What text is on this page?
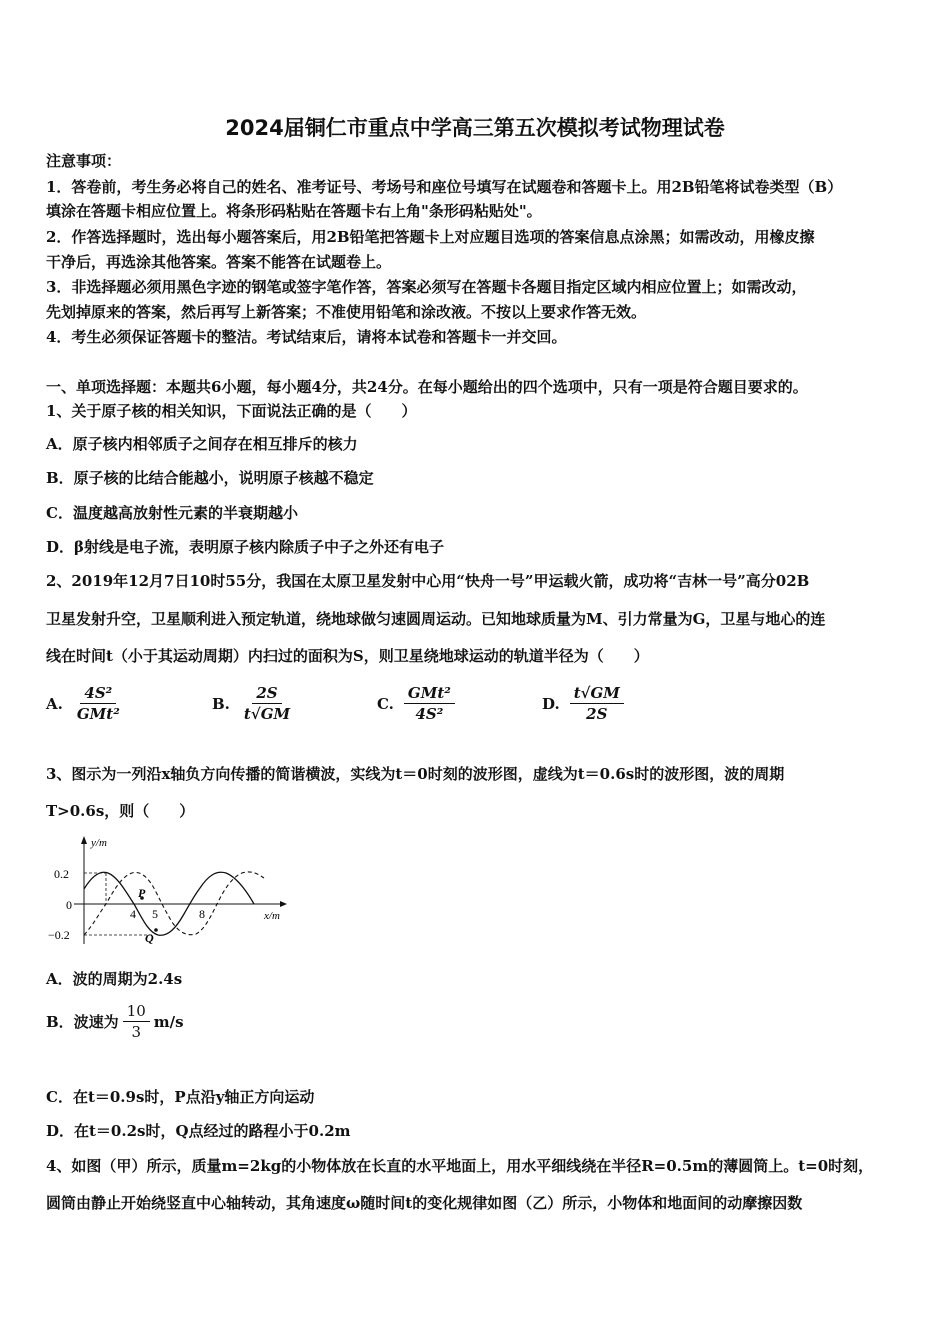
2024届铜仁市重点中学高三第五次模拟考试物理试卷
注意事项：
1．答卷前，考生务必将自己的姓名、准考证号、考场号和座位号填写在试题卷和答题卡上。用2B铅笔将试卷类型（B）
填涂在答题卡相应位置上。将条形码粘贴在答题卡右上角"条形码粘贴处"。
2．作答选择题时，选出每小题答案后，用2B铅笔把答题卡上对应题目选项的答案信息点涂黑；如需改动，用橡皮擦
干净后，再选涂其他答案。答案不能答在试题卷上。
3．非选择题必须用黑色字迹的钢笔或签字笔作答，答案必须写在答题卡各题目指定区域内相应位置上；如需改动，
先划掉原来的答案，然后再写上新答案；不准使用铅笔和涂改液。不按以上要求作答无效。
4．考生必须保证答题卡的整洁。考试结束后，请将本试卷和答题卡一并交回。
一、单项选择题：本题共6小题，每小题4分，共24分。在每小题给出的四个选项中，只有一项是符合题目要求的。
1、关于原子核的相关知识，下面说法正确的是（　　）
A．原子核内相邻质子之间存在相互排斥的核力
B．原子核的比结合能越小，说明原子核越不稳定
C．温度越高放射性元素的半衰期越小
D．β射线是电子流，表明原子核内除质子中子之外还有电子
2、2019年12月7日10时55分，我国在太原卫星发射中心用“快舟一号”甲运载火箭，成功将“吉林一号”高分02B
卫星发射升空，卫星顺利进入预定轨道，绕地球做匀速圆周运动。已知地球质量为M、引力常量为G，卫星与地心的连
线在时间t（小于其运动周期）内扫过的面积为S，则卫星绕地球运动的轨道半径为（　　）
A. $\frac{\text{4S²}}{\text{GMt²}}$	B. $\frac{2S}{t√GM}$	C. $\frac{\text{GMt²}}{\text{4S²}}$	D. $\frac{t√GM}{2S}$
3、图示为一列沿x轴负方向传播的简谐横波，实线为t＝0时刻的波形图，虚线为t＝0.6s时的波形图，波的周期
T>0.6s，则（　　）
y/m
x/m
0.2
0
−0.2
4 5	8
P
Q
A．波的周期为2.4s
B．波速为 $\frac{10}{3} m/s$
C．在t＝0.9s时，P点沿y轴正方向运动
D．在t＝0.2s时，Q点经过的路程小于0.2m
4、如图（甲）所示，质量m=2kg的小物体放在长直的水平地面上，用水平细线绕在半径R=0.5m的薄圆筒上。t=0时刻，
圆筒由静止开始绕竖直中心轴转动，其角速度ω随时间t的变化规律如图（乙）所示，小物体和地面间的动摩擦因数
